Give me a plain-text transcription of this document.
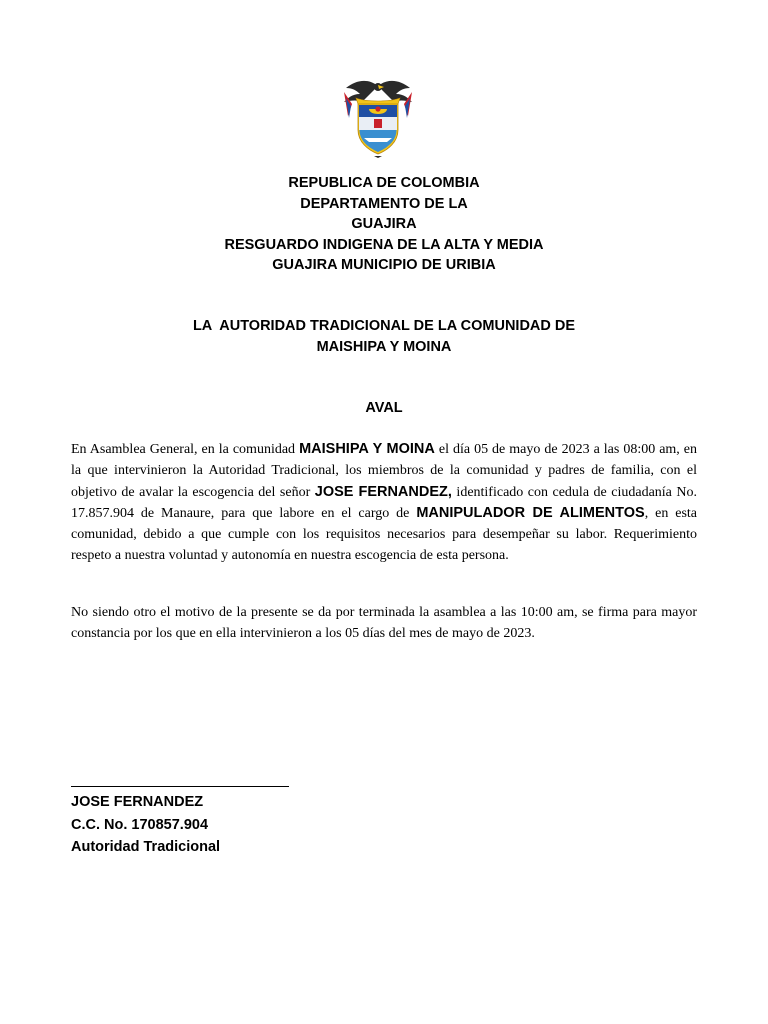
REPUBLICA DE COLOMBIA
DEPARTAMENTO DE LA
GUAJIRA
RESGUARDO INDIGENA DE LA ALTA Y MEDIA
GUAJIRA MUNICIPIO DE URIBIA
LA  AUTORIDAD TRADICIONAL DE LA COMUNIDAD DE
MAISHIPA Y MOINA
AVAL
En Asamblea General, en la comunidad MAISHIPA Y MOINA el día 05 de mayo de 2023 a las 08:00 am, en la que intervinieron la Autoridad Tradicional, los miembros de la comunidad y padres de familia, con el objetivo de avalar la escogencia del señor JOSE FERNANDEZ, identificado con cedula de ciudadanía No. 17.857.904 de Manaure, para que labore en el cargo de MANIPULADOR DE ALIMENTOS, en esta comunidad, debido a que cumple con los requisitos necesarios para desempeñar su labor. Requerimiento respeto a nuestra voluntad y autonomía en nuestra escogencia de esta persona.
No siendo otro el motivo de la presente se da por terminada la asamblea a las 10:00 am, se firma para mayor constancia por los que en ella intervinieron a los 05 días del mes de mayo de 2023.
JOSE FERNANDEZ
C.C. No. 170857.904
Autoridad Tradicional
